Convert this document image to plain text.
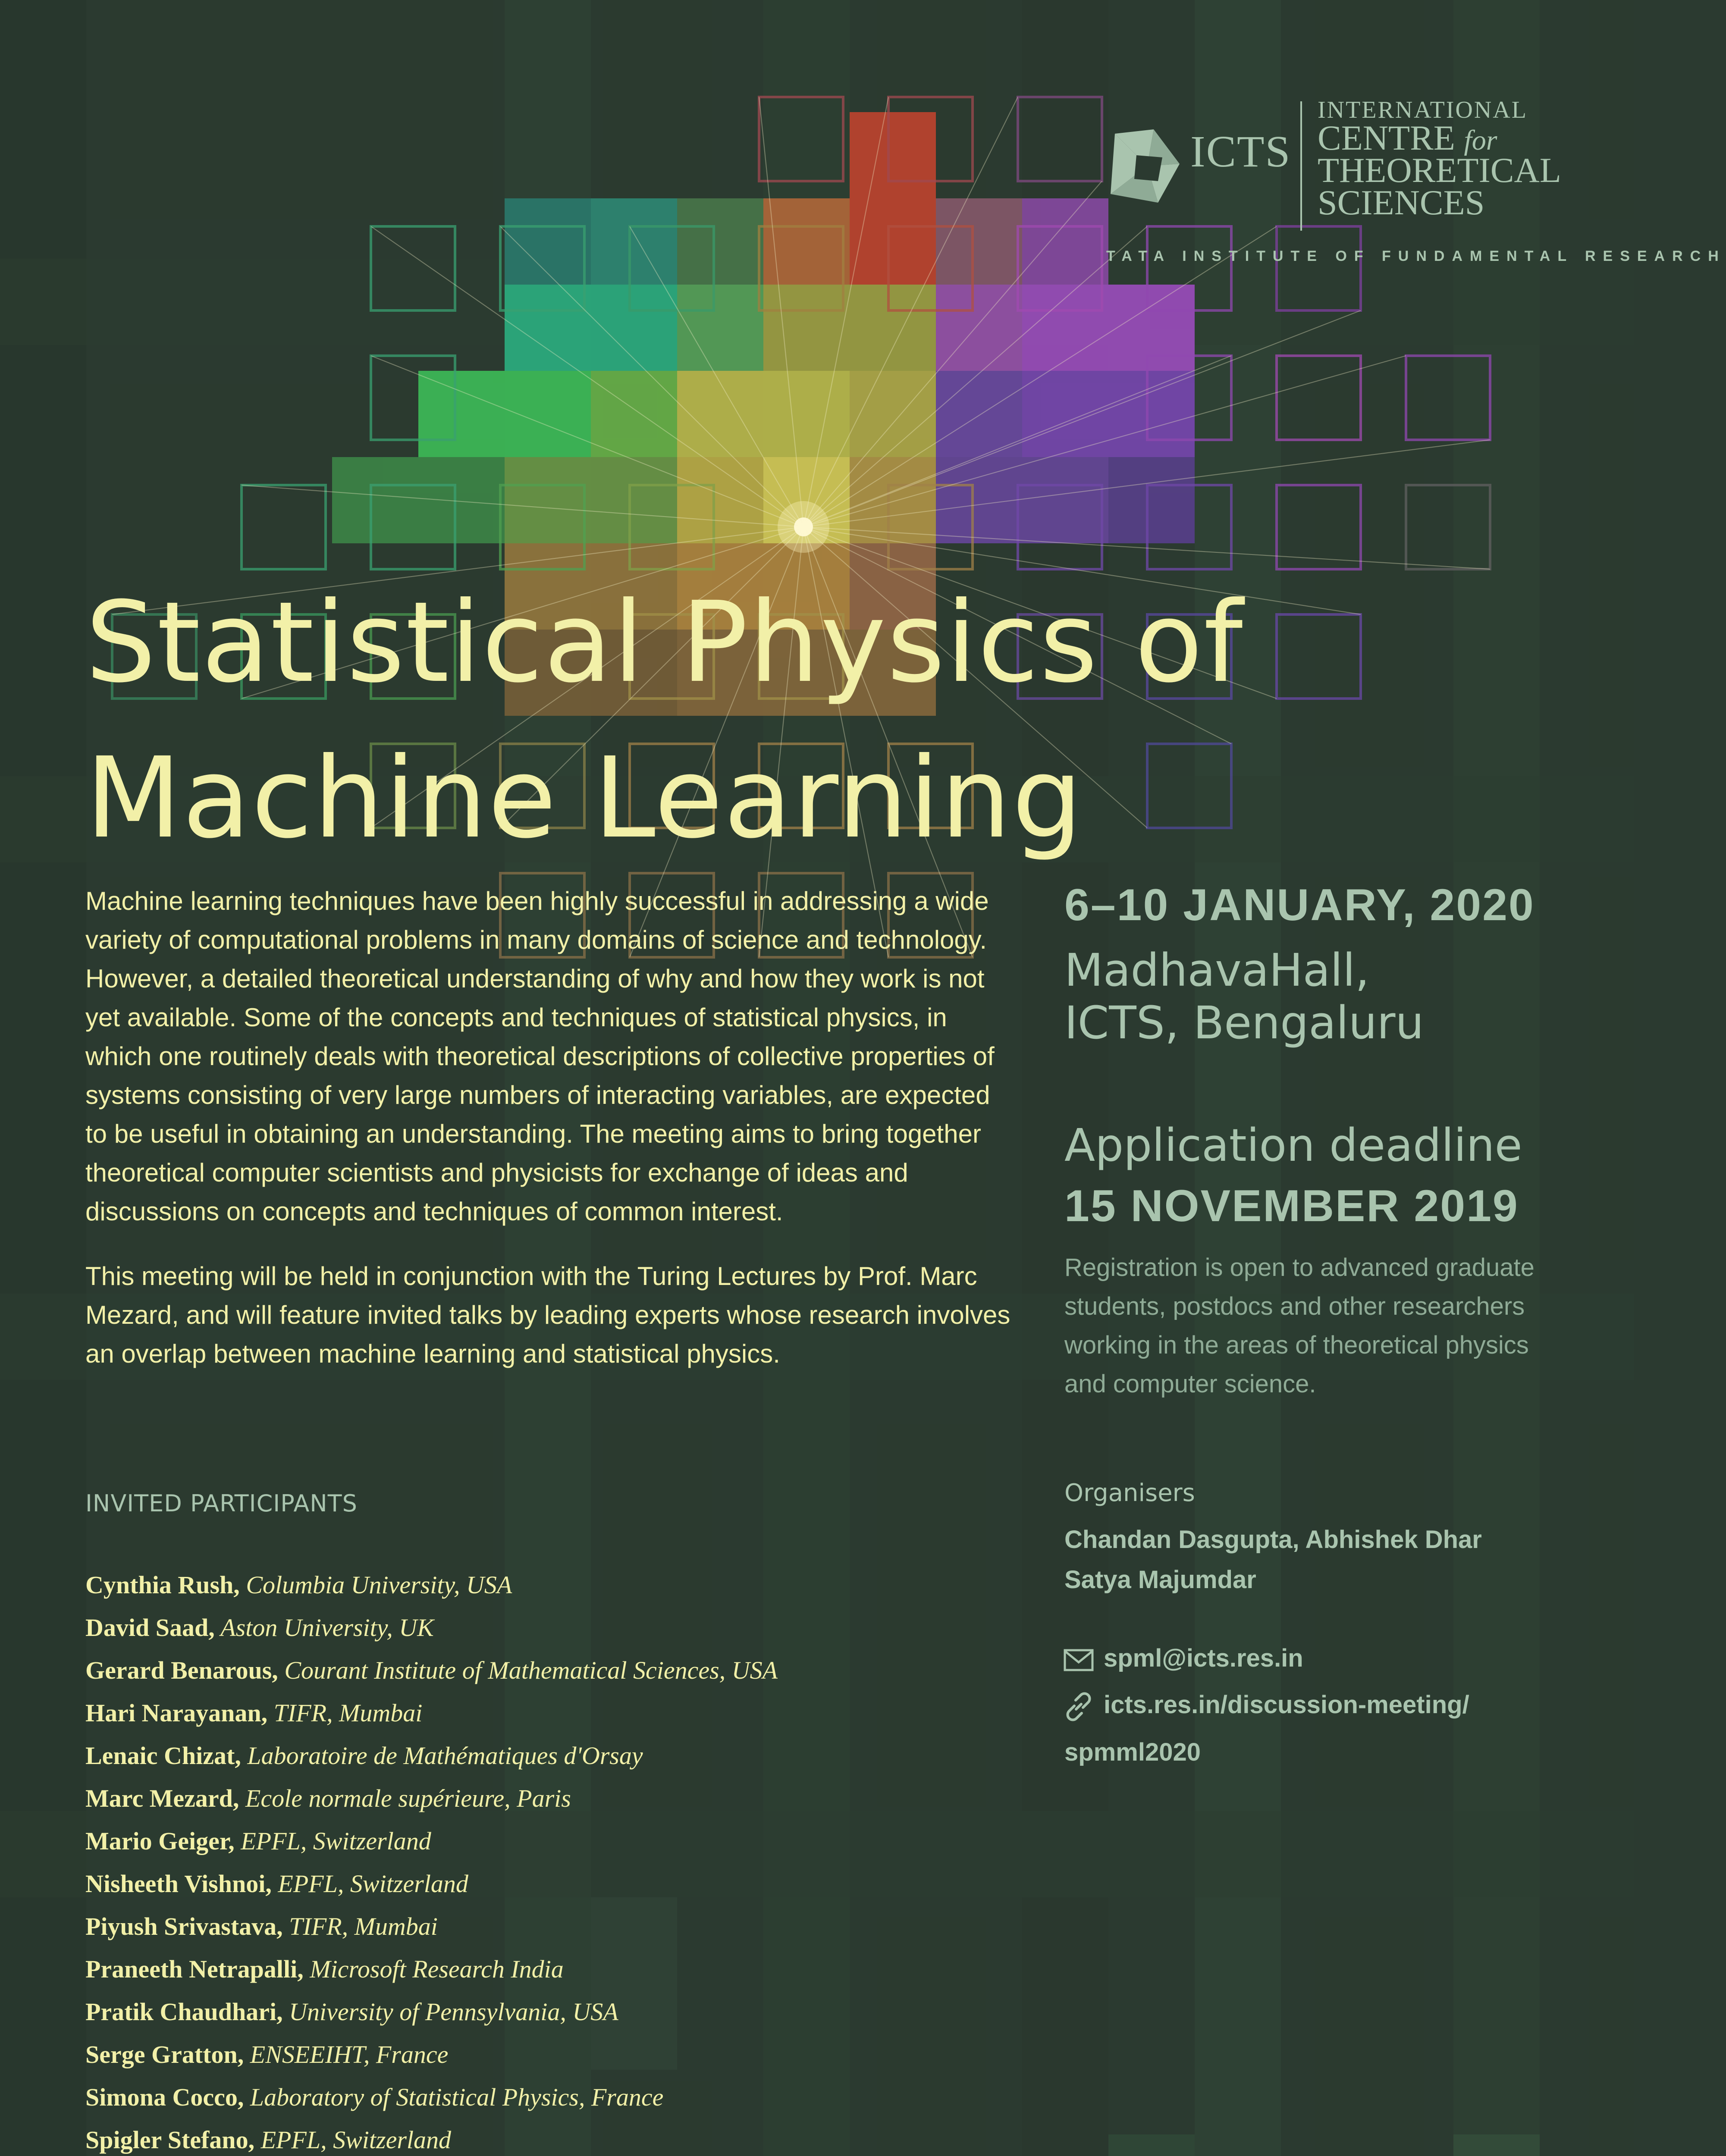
ICTS
INTERNATIONAL
CENTRE for
THEORETICAL
SCIENCES
TATA INSTITUTE OF FUNDAMENTAL RESEARCH
Statistical Physics of
Machine Learning

Machine learning techniques have been highly successful in addressing a wide variety of computational problems in many domains of science and technology. However, a detailed theoretical understanding of why and how they work is not yet available. Some of the concepts and techniques of statistical physics, in which one routinely deals with theoretical descriptions of collective properties of systems consisting of very large numbers of interacting variables, are expected to be useful in obtaining an understanding. The meeting aims to bring together theoretical computer scientists and physicists for exchange of ideas and discussions on concepts and techniques of common interest.

This meeting will be held in conjunction with the Turing Lectures by Prof. Marc Mezard, and will feature invited talks by leading experts whose research involves an overlap between machine learning and statistical physics.

INVITED PARTICIPANTS
Cynthia Rush, Columbia University, USA
David Saad, Aston University, UK
Gerard Benarous, Courant Institute of Mathematical Sciences, USA
Hari Narayanan, TIFR, Mumbai
Lenaic Chizat, Laboratoire de Mathématiques d'Orsay
Marc Mezard, Ecole normale supérieure, Paris
Mario Geiger, EPFL, Switzerland
Nisheeth Vishnoi, EPFL, Switzerland
Piyush Srivastava, TIFR, Mumbai
Praneeth Netrapalli, Microsoft Research India
Pratik Chaudhari, University of Pennsylvania, USA
Serge Gratton, ENSEEIHT, France
Simona Cocco, Laboratory of Statistical Physics, France
Spigler Stefano, EPFL, Switzerland
6–10 JANUARY, 2020
MadhavaHall,
ICTS, Bengaluru
Application deadline
15 NOVEMBER 2019
Registration is open to advanced graduate students, postdocs and other researchers working in the areas of theoretical physics and computer science.
Organisers
Chandan Dasgupta, Abhishek Dhar
Satya Majumdar
spml@icts.res.in
icts.res.in/discussion-meeting/
spmml2020
